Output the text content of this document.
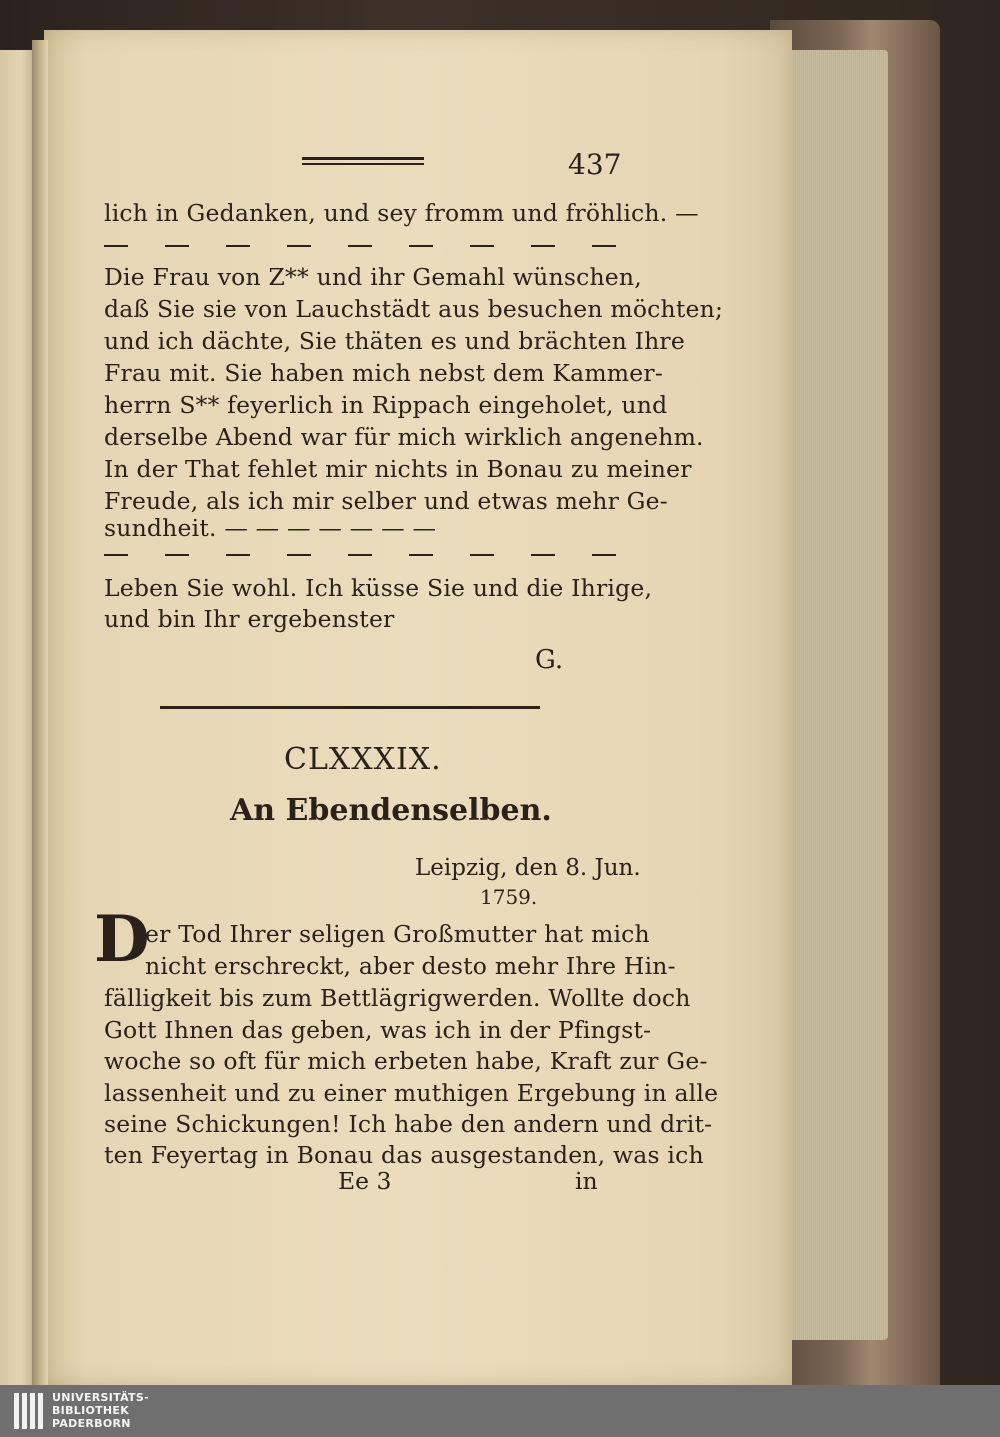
437
lich in Gedanken, und sey fromm und fröhlich. —
Die Frau von Z** und ihr Gemahl wünschen,
daß Sie sie von Lauchstädt aus besuchen möchten;
und ich dächte, Sie thäten es und brächten Ihre
Frau mit. Sie haben mich nebst dem Kammer-
herrn S** feyerlich in Rippach eingeholet, und
derselbe Abend war für mich wirklich angenehm.
In der That fehlet mir nichts in Bonau zu meiner
Freude, als ich mir selber und etwas mehr Ge-
sundheit. — — — — — — —
Leben Sie wohl. Ich küsse Sie und die Ihrige,
und bin Ihr ergebenster
G.
CLXXXIX.
An Ebendenselben.
Leipzig, den 8. Jun.
1759.
D
er Tod Ihrer seligen Großmutter hat mich
nicht erschreckt, aber desto mehr Ihre Hin-
fälligkeit bis zum Bettlägrigwerden. Wollte doch
Gott Ihnen das geben, was ich in der Pfingst-
woche so oft für mich erbeten habe, Kraft zur Ge-
lassenheit und zu einer muthigen Ergebung in alle
seine Schickungen! Ich habe den andern und drit-
ten Feyertag in Bonau das ausgestanden, was ich
Ee 3	in
UNIVERSITÄTS-
BIBLIOTHEK
PADERBORN
